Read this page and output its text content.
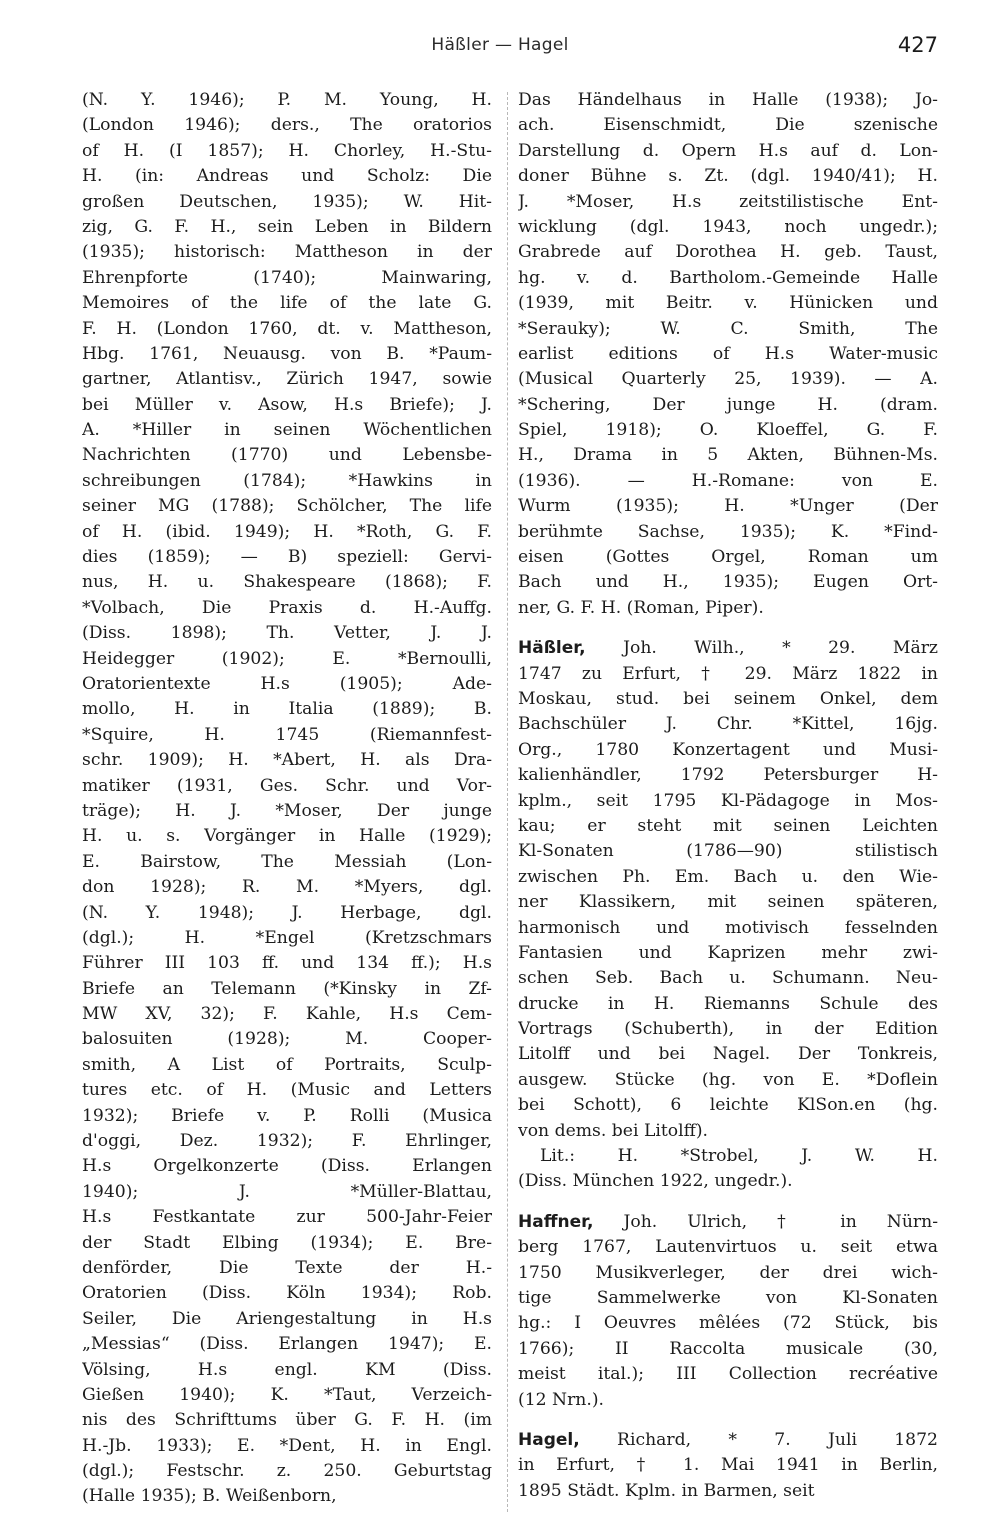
Häßler — Hagel	427
(N. Y. 1946); P. M. Young, H.
(London 1946); ders., The oratorios
of H. (I 1857); H. Chorley, H.-Stu-
H. (in: Andreas und Scholz: Die
großen Deutschen, 1935); W. Hit-
zig, G. F. H., sein Leben in Bildern
(1935); historisch: Mattheson in der
Ehrenpforte (1740); Mainwaring,
Memoires of the life of the late G.
F. H. (London 1760, dt. v. Mattheson,
Hbg. 1761, Neuausg. von B. *Paum-
gartner, Atlantisv., Zürich 1947, sowie
bei Müller v. Asow, H.s Briefe); J.
A. *Hiller in seinen Wöchentlichen
Nachrichten (1770) und Lebensbe-
schreibungen (1784); *Hawkins in
seiner MG (1788); Schölcher, The life
of H. (ibid. 1949); H. *Roth, G. F.
dies (1859); — B) speziell: Gervi-
nus, H. u. Shakespeare (1868); F.
*Volbach, Die Praxis d. H.-Auffg.
(Diss. 1898); Th. Vetter, J. J.
Heidegger (1902); E. *Bernoulli,
Oratorientexte H.s (1905); Ade-
mollo, H. in Italia (1889); B.
*Squire, H. 1745 (Riemannfest-
schr. 1909); H. *Abert, H. als Dra-
matiker (1931, Ges. Schr. und Vor-
träge); H. J. *Moser, Der junge
H. u. s. Vorgänger in Halle (1929);
E. Bairstow, The Messiah (Lon-
don 1928); R. M. *Myers, dgl.
(N. Y. 1948); J. Herbage, dgl.
(dgl.); H. *Engel (Kretzschmars
Führer III 103 ff. und 134 ff.); H.s
Briefe an Telemann (*Kinsky in Zf-
MW XV, 32); F. Kahle, H.s Cem-
balosuiten (1928); M. Cooper-
smith, A List of Portraits, Sculp-
tures etc. of H. (Music and Letters
1932); Briefe v. P. Rolli (Musica
d'oggi, Dez. 1932); F. Ehrlinger,
H.s Orgelkonzerte (Diss. Erlangen
1940); J. *Müller-Blattau,
H.s Festkantate zur 500-Jahr-Feier
der Stadt Elbing (1934); E. Bre-
denförder, Die Texte der H.-
Oratorien (Diss. Köln 1934); Rob.
Seiler, Die Ariengestaltung in H.s
„Messias“ (Diss. Erlangen 1947); E.
Völsing, H.s engl. KM (Diss.
Gießen 1940); K. *Taut, Verzeich-
nis des Schrifttums über G. F. H. (im
H.-Jb. 1933); E. *Dent, H. in Engl.
(dgl.); Festschr. z. 250. Geburtstag
(Halle 1935); B. Weißenborn,
Das Händelhaus in Halle (1938); Jo-
ach. Eisenschmidt, Die szenische
Darstellung d. Opern H.s auf d. Lon-
doner Bühne s. Zt. (dgl. 1940/41); H.
J. *Moser, H.s zeitstilistische Ent-
wicklung (dgl. 1943, noch ungedr.);
Grabrede auf Dorothea H. geb. Taust,
hg. v. d. Bartholom.-Gemeinde Halle
(1939, mit Beitr. v. Hünicken und
*Serauky); W. C. Smith, The
earlist editions of H.s Water-music
(Musical Quarterly 25, 1939). — A.
*Schering, Der junge H. (dram.
Spiel, 1918); O. Kloeffel, G. F.
H., Drama in 5 Akten, Bühnen-Ms.
(1936). — H.-Romane: von E.
Wurm (1935); H. *Unger (Der
berühmte Sachse, 1935); K. *Find-
eisen (Gottes Orgel, Roman um
Bach und H., 1935); Eugen Ort-
ner, G. F. H. (Roman, Piper).
Häßler, Joh. Wilh., * 29. März
1747 zu Erfurt, † 29. März 1822 in
Moskau, stud. bei seinem Onkel, dem
Bachschüler J. Chr. *Kittel, 16jg.
Org., 1780 Konzertagent und Musi-
kalienhändler, 1792 Petersburger H-
kplm., seit 1795 Kl-Pädagoge in Mos-
kau; er steht mit seinen Leichten
Kl-Sonaten (1786—90) stilistisch
zwischen Ph. Em. Bach u. den Wie-
ner Klassikern, mit seinen späteren,
harmonisch und motivisch fesselnden
Fantasien und Kaprizen mehr zwi-
schen Seb. Bach u. Schumann. Neu-
drucke in H. Riemanns Schule des
Vortrags (Schuberth), in der Edition
Litolff und bei Nagel. Der Tonkreis,
ausgew. Stücke (hg. von E. *Doflein
bei Schott), 6 leichte KlSon.en (hg.
von dems. bei Litolff).
Lit.: H. *Strobel, J. W. H.
(Diss. München 1922, ungedr.).
Haffner, Joh. Ulrich, † in Nürn-
berg 1767, Lautenvirtuos u. seit etwa
1750 Musikverleger, der drei wich-
tige Sammelwerke von Kl-Sonaten
hg.: I Oeuvres mêlées (72 Stück, bis
1766); II Raccolta musicale (30,
meist ital.); III Collection recréative
(12 Nrn.).
Hagel, Richard, * 7. Juli 1872
in Erfurt, † 1. Mai 1941 in Berlin,
1895 Städt. Kplm. in Barmen, seit
